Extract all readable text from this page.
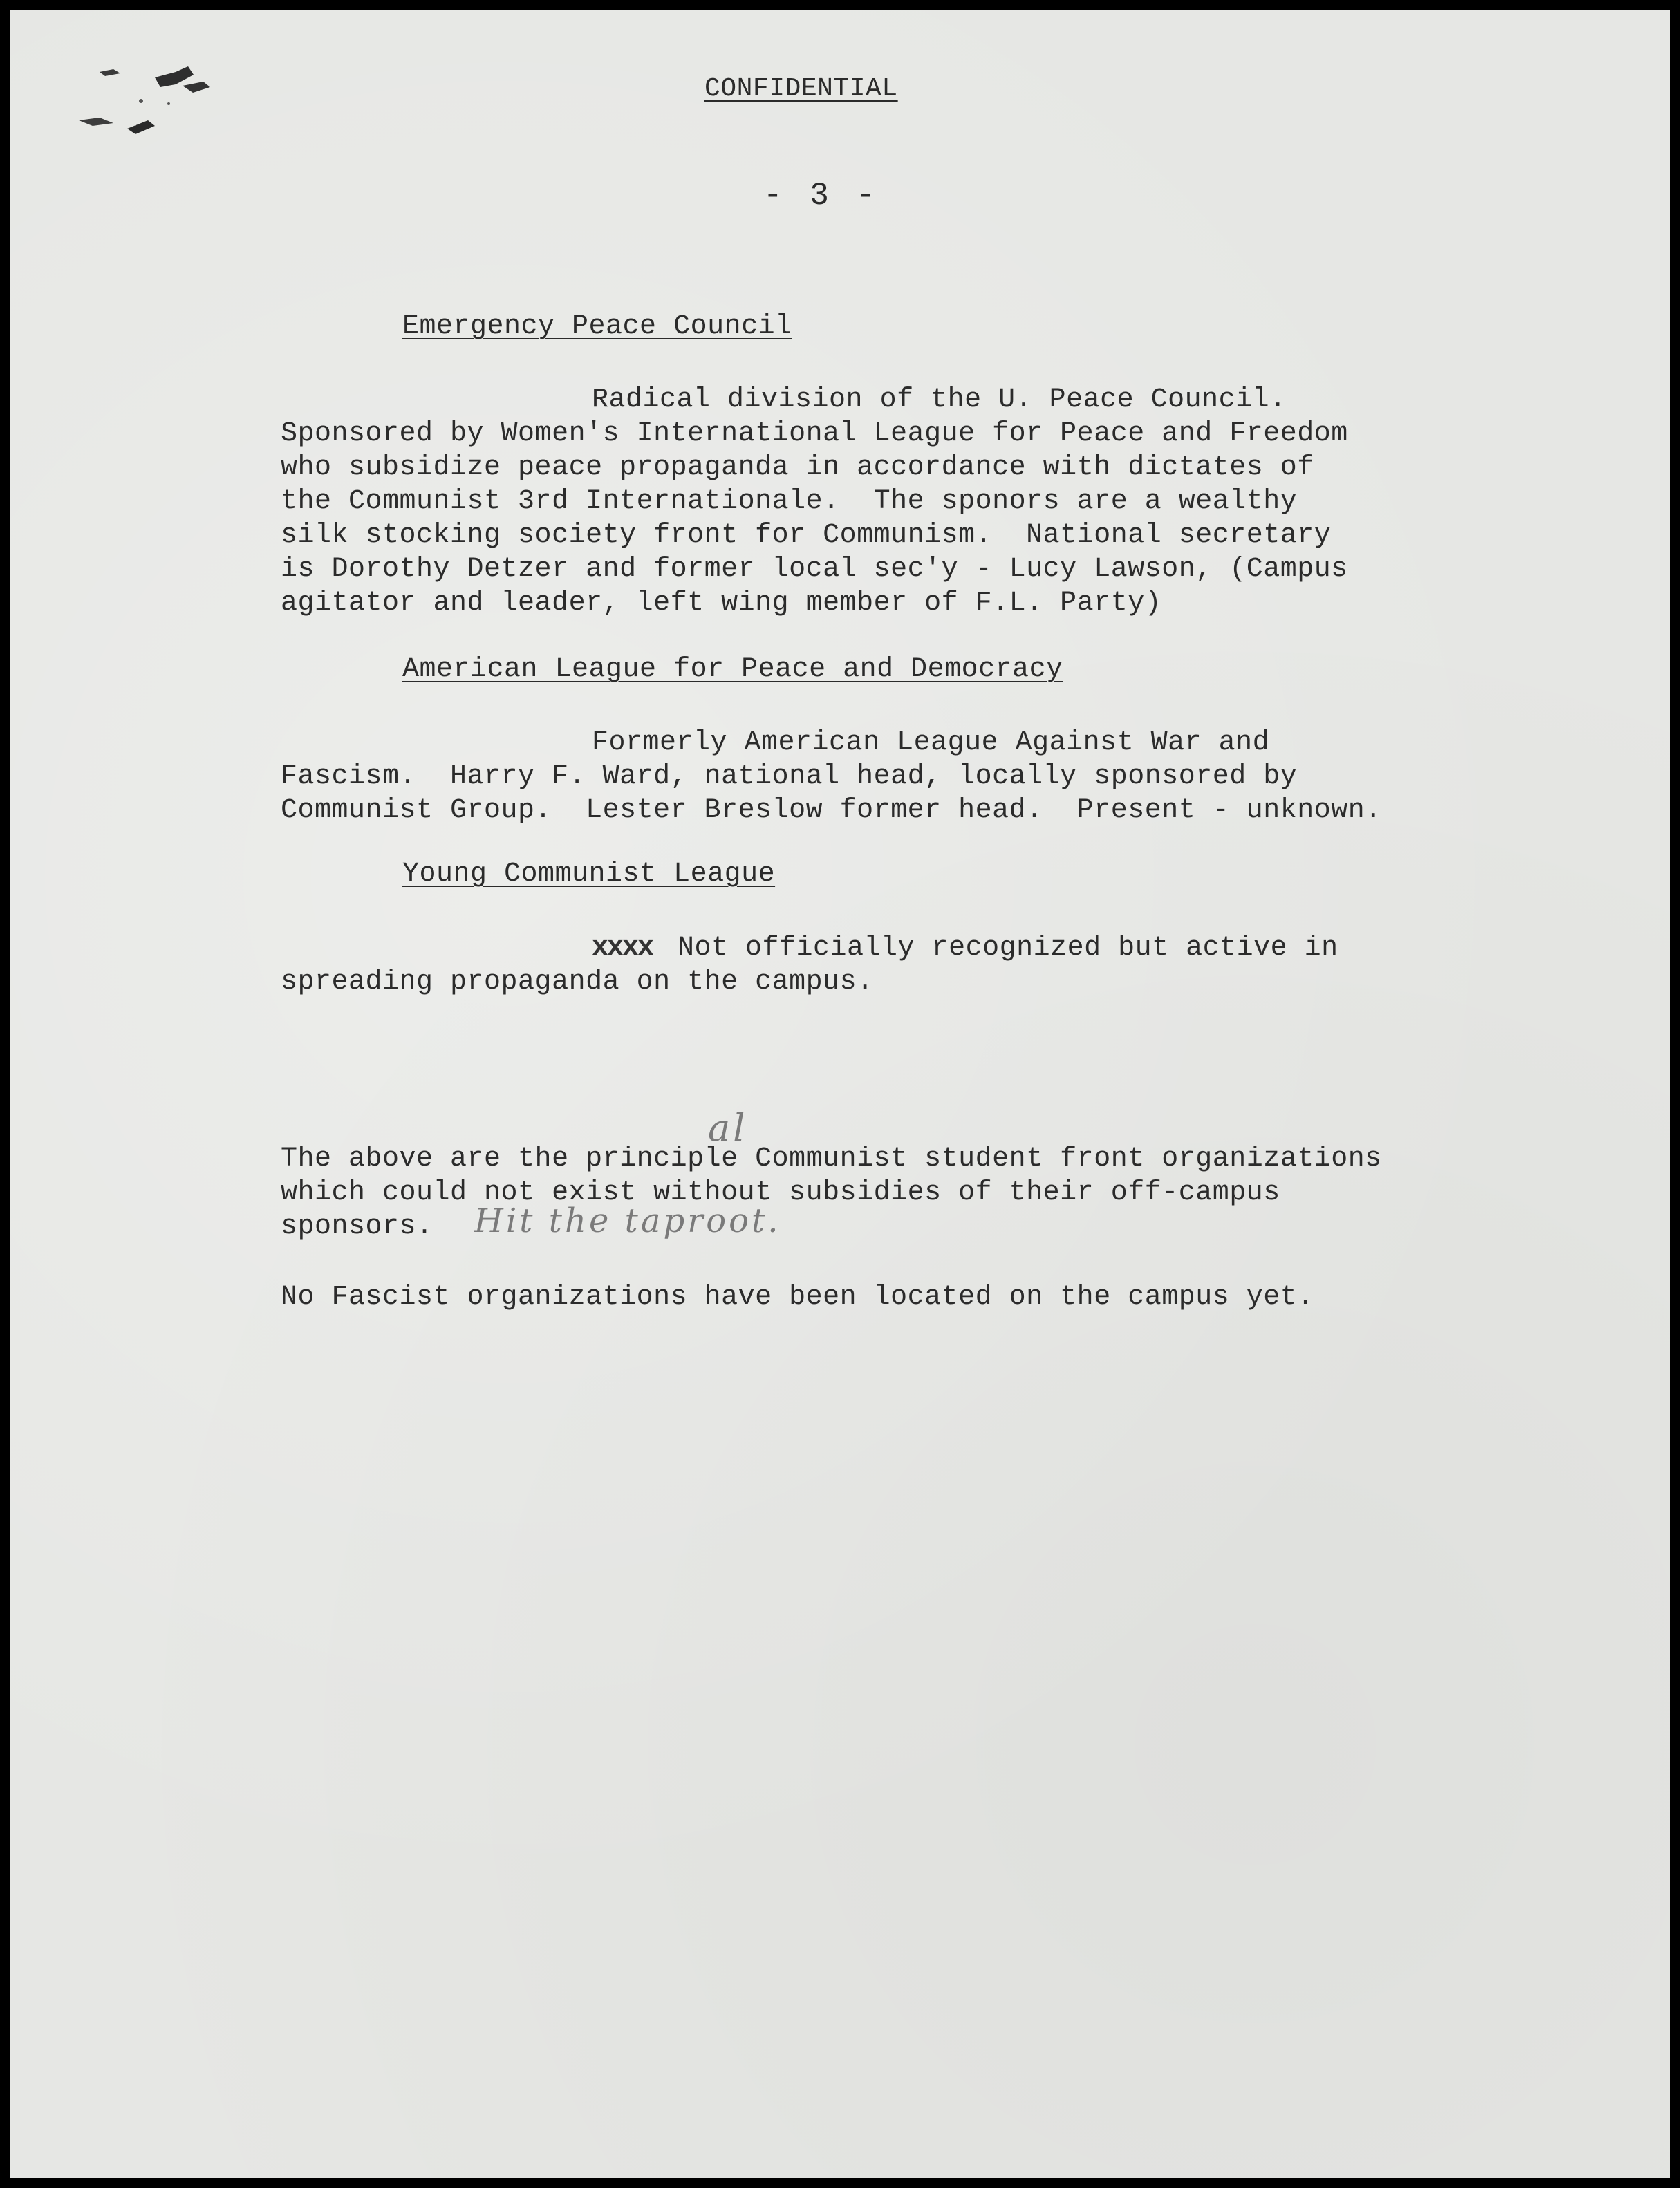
CONFIDENTIAL
- 3 -
Emergency Peace Council
Radical division of the U. Peace Council.
Sponsored by Women's International League for Peace and Freedom
who subsidize peace propaganda in accordance with dictates of
the Communist 3rd Internationale.  The sponors are a wealthy
silk stocking society front for Communism.  National secretary
is Dorothy Detzer and former local sec'y - Lucy Lawson, (Campus
agitator and leader, left wing member of F.L. Party)
American League for Peace and Democracy
Formerly American League Against War and
Fascism.  Harry F. Ward, national head, locally sponsored by
Communist Group.  Lester Breslow former head.  Present - unknown.
Young Communist League
xxxx Not officially recognized but active in
spreading propaganda on the campus.
The above are the principle Communist student front organizations
which could not exist without subsidies of their off-campus
sponsors.
al
Hit the taproot.
No Fascist organizations have been located on the campus yet.
